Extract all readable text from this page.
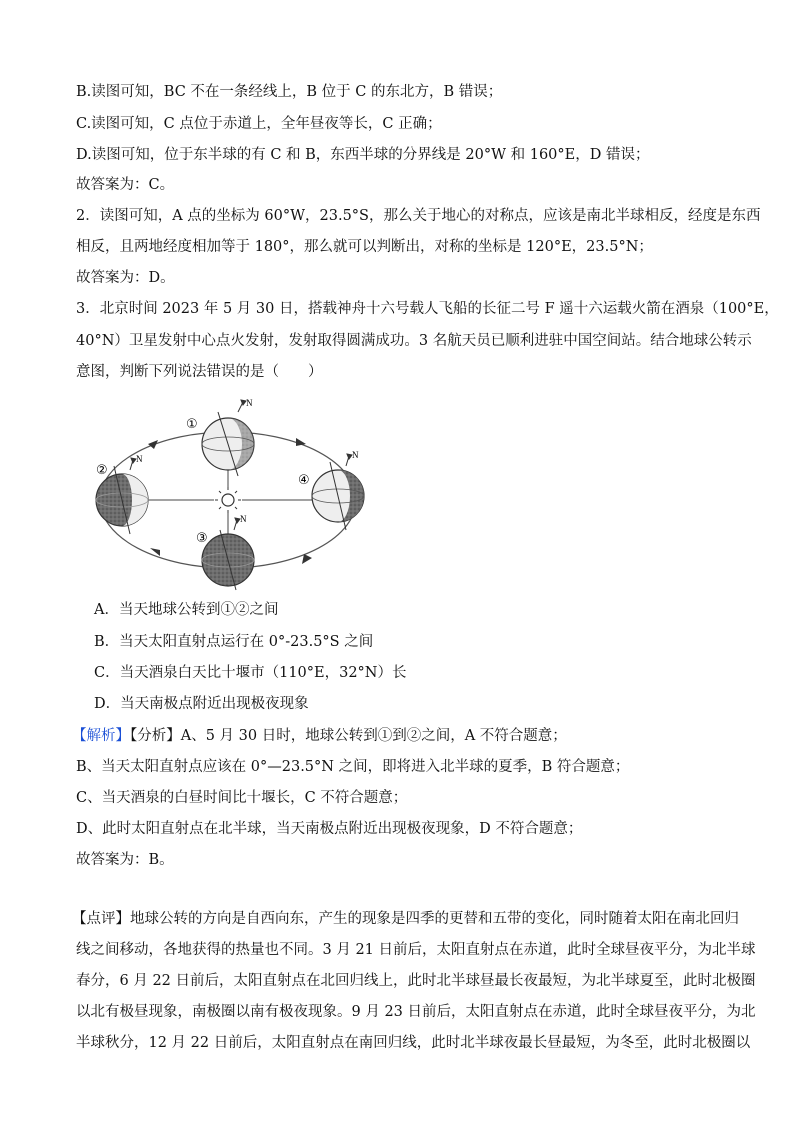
B.读图可知，BC 不在一条经线上，B 位于 C 的东北方，B 错误；
C.读图可知，C 点位于赤道上，全年昼夜等长，C 正确；
D.读图可知，位于东半球的有 C 和 B，东西半球的分界线是 20°W 和 160°E，D 错误；
故答案为：C。
2．读图可知，A 点的坐标为 60°W，23.5°S，那么关于地心的对称点，应该是南北半球相反，经度是东西
相反，且两地经度相加等于 180°，那么就可以判断出，对称的坐标是 120°E，23.5°N；
故答案为：D。
3．北京时间 2023 年 5 月 30 日，搭载神舟十六号载人飞船的长征二号 F 遥十六运载火箭在酒泉（100°E，
40°N）卫星发射中心点火发射，发射取得圆满成功。3 名航天员已顺利进驻中国空间站。结合地球公转示
意图，判断下列说法错误的是（　　）
N
N
N
N
①
②
③
④
A．当天地球公转到①②之间
B．当天太阳直射点运行在 0°-23.5°S 之间
C．当天酒泉白天比十堰市（110°E，32°N）长
D．当天南极点附近出现极夜现象
【解析】【分析】A、5 月 30 日时，地球公转到①到②之间，A 不符合题意；
B、当天太阳直射点应该在 0°—23.5°N 之间，即将进入北半球的夏季，B 符合题意；
C、当天酒泉的白昼时间比十堰长，C 不符合题意；
D、此时太阳直射点在北半球，当天南极点附近出现极夜现象，D 不符合题意；
故答案为：B。
【点评】地球公转的方向是自西向东，产生的现象是四季的更替和五带的变化，同时随着太阳在南北回归
线之间移动，各地获得的热量也不同。3 月 21 日前后，太阳直射点在赤道，此时全球昼夜平分，为北半球
春分，6 月 22 日前后，太阳直射点在北回归线上，此时北半球昼最长夜最短，为北半球夏至，此时北极圈
以北有极昼现象，南极圈以南有极夜现象。9 月 23 日前后，太阳直射点在赤道，此时全球昼夜平分，为北
半球秋分，12 月 22 日前后，太阳直射点在南回归线，此时北半球夜最长昼最短，为冬至，此时北极圈以
